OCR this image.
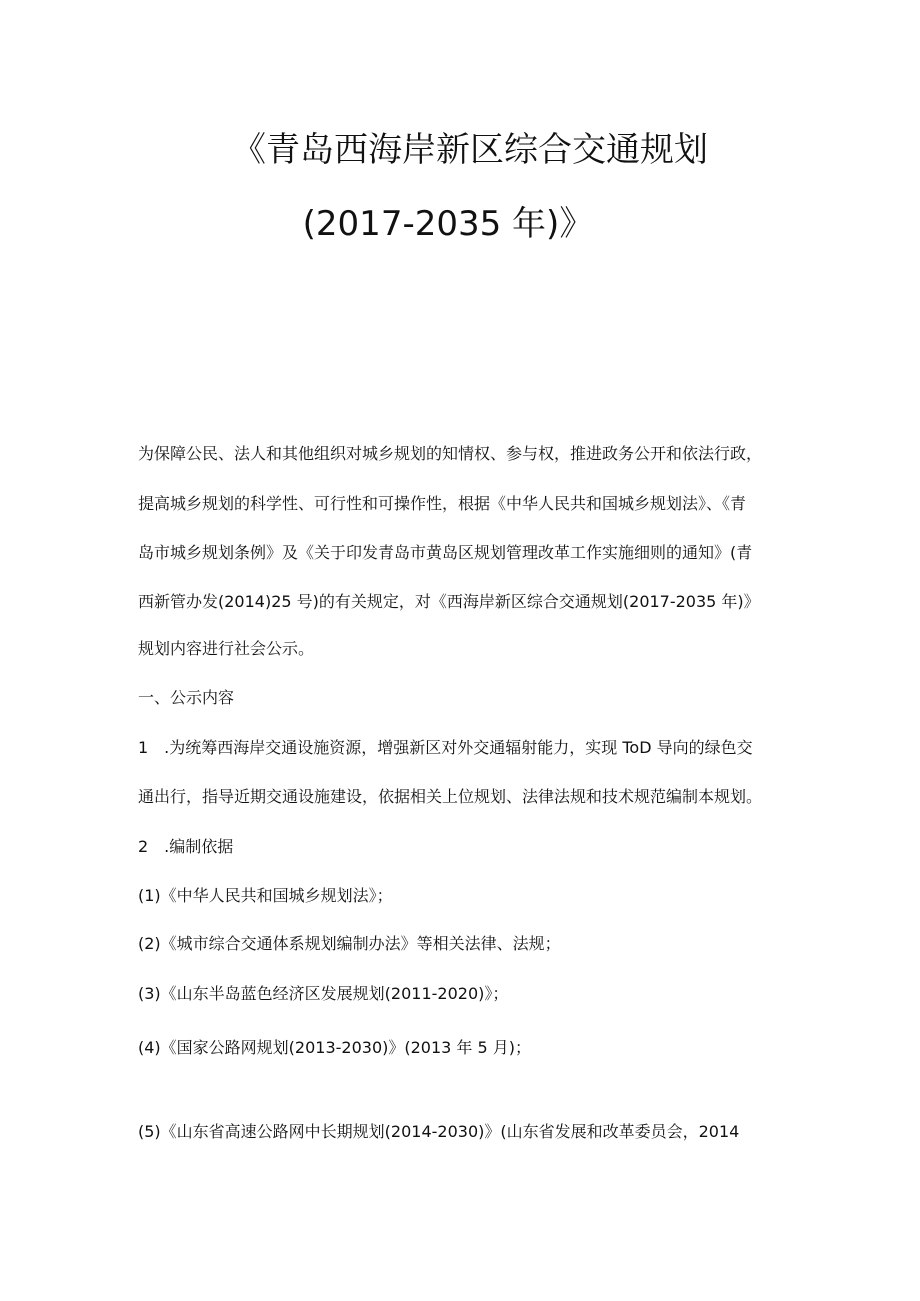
《青岛西海岸新区综合交通规划
(2017-2035 年)》
为保障公民、法人和其他组织对城乡规划的知情权、参与权，推进政务公开和依法行政，
提高城乡规划的科学性、可行性和可操作性，根据《中华人民共和国城乡规划法》、《青
岛市城乡规划条例》及《关于印发青岛市黄岛区规划管理改革工作实施细则的通知》(青
西新管办发(2014)25 号)的有关规定，对《西海岸新区综合交通规划(2017-2035 年)》
规划内容进行社会公示。
一、公示内容
1　.为统筹西海岸交通设施资源，增强新区对外交通辐射能力，实现 ToD 导向的绿色交
通出行，指导近期交通设施建设，依据相关上位规划、法律法规和技术规范编制本规划。
2　.编制依据
(1)《中华人民共和国城乡规划法》；
(2)《城市综合交通体系规划编制办法》等相关法律、法规；
(3)《山东半岛蓝色经济区发展规划(2011-2020)》；
(4)《国家公路网规划(2013-2030)》(2013 年 5 月)；
(5)《山东省高速公路网中长期规划(2014-2030)》(山东省发展和改革委员会，2014
